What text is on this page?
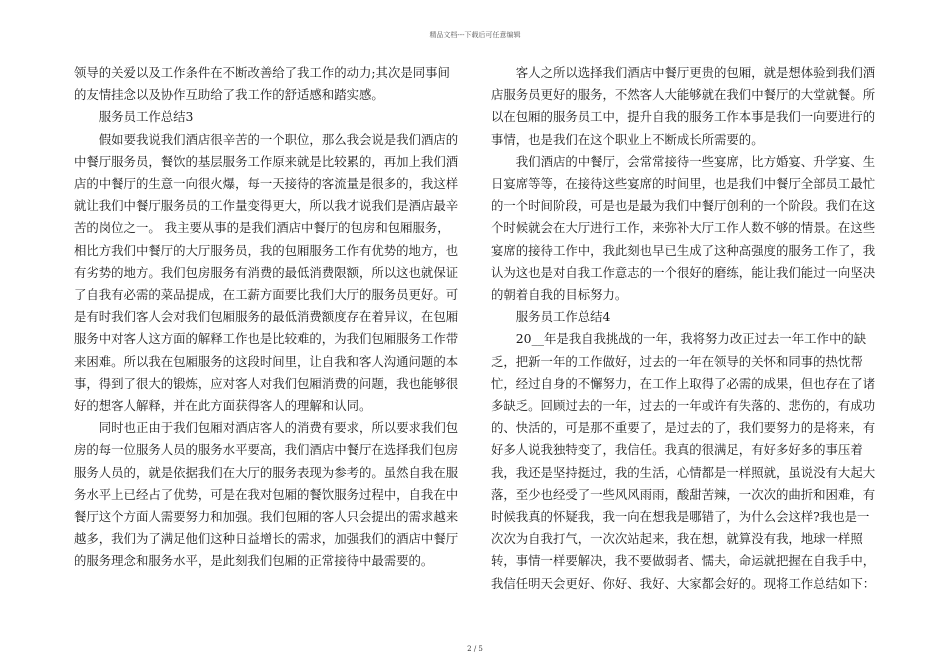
精品文档---下载后可任意编辑

领导的关爱以及工作条件在不断改善给了我工作的动力;其次是同事间的友情挂念以及协作互助给了我工作的舒适感和踏实感。

服务员工作总结3

假如要我说我们酒店很辛苦的一个职位，那么我会说是我们酒店的中餐厅服务员，餐饮的基层服务工作原来就是比较累的，再加上我们酒店的中餐厅的生意一向很火爆，每一天接待的客流量是很多的，我这样就让我们中餐厅服务员的工作量变得更大，所以我才说我们是酒店最辛苦的岗位之一。 我主要从事的是我们酒店中餐厅的包房和包厢服务，相比方我们中餐厅的大厅服务员，我的包厢服务工作有优势的地方，也有劣势的地方。我们包房服务有消费的最低消费限额，所以这也就保证了自我有必需的菜品提成，在工薪方面要比我们大厅的服务员更好。可是有时我们客人会对我们包厢服务的最低消费额度存在着异议，在包厢服务中对客人这方面的解释工作也是比较难的，为我们包厢服务工作带来困难。所以我在包厢服务的这段时间里，让自我和客人沟通问题的本事，得到了很大的锻炼，应对客人对我们包厢消费的问题，我也能够很好的想客人解释，并在此方面获得客人的理解和认同。

同时也正由于我们包厢对酒店客人的消费有要求，所以要求我们包房的每一位服务人员的服务水平要高，我们酒店中餐厅在选择我们包房服务人员的，就是依据我们在大厅的服务表现为参考的。虽然自我在服务水平上已经占了优势，可是在我对包厢的餐饮服务过程中，自我在中餐厅这个方面人需要努力和加强。我们包厢的客人只会提出的需求越来越多，我们为了满足他们这种日益增长的需求，加强我们的酒店中餐厅的服务理念和服务水平，是此刻我们包厢的正常接待中最需要的。

客人之所以选择我们酒店中餐厅更贵的包厢，就是想体验到我们酒店服务员更好的服务，不然客人大能够就在我们中餐厅的大堂就餐。所以在包厢的服务员工中，提升自我的服务工作本事是我们一向要进行的事情，也是我们在这个职业上不断成长所需要的。

我们酒店的中餐厅，会常常接待一些宴席，比方婚宴、升学宴、生日宴席等等，在接待这些宴席的时间里，也是我们中餐厅全部员工最忙的一个时间阶段，可是也是最为我们中餐厅创利的一个阶段。我们在这个时候就会在大厅进行工作，来弥补大厅工作人数不够的情景。在这些宴席的接待工作中，我此刻也早已生成了这种高强度的服务工作了，我认为这也是对自我工作意志的一个很好的磨练，能让我们能过一向坚决的朝着自我的目标努力。

服务员工作总结4

20__年是我自我挑战的一年，我将努力改正过去一年工作中的缺乏，把新一年的工作做好，过去的一年在领导的关怀和同事的热忱帮忙，经过自身的不懈努力，在工作上取得了必需的成果，但也存在了诸多缺乏。回顾过去的一年，过去的一年或许有失落的、悲伤的，有成功的、快活的，可是那不重要了，是过去的了，我们要努力的是将来，有好多人说我独特变了，我信任。我真的很满足，有好多好多的事压着我，我还是坚持挺过，我的生活，心情都是一样照就，虽说没有大起大落，至少也经受了一些风风雨雨，酸甜苦辣，一次次的曲折和困难，有时候我真的怀疑我，我一向在想我是哪错了，为什么会这样?我也是一次次为自我打气，一次次站起来，我在想，就算没有我，地球一样照转，事情一样要解决，我不要做弱者、懦夫，命运就把握在自我手中，我信任明天会更好、你好、我好、大家都会好的。现将工作总结如下：

2 / 5
